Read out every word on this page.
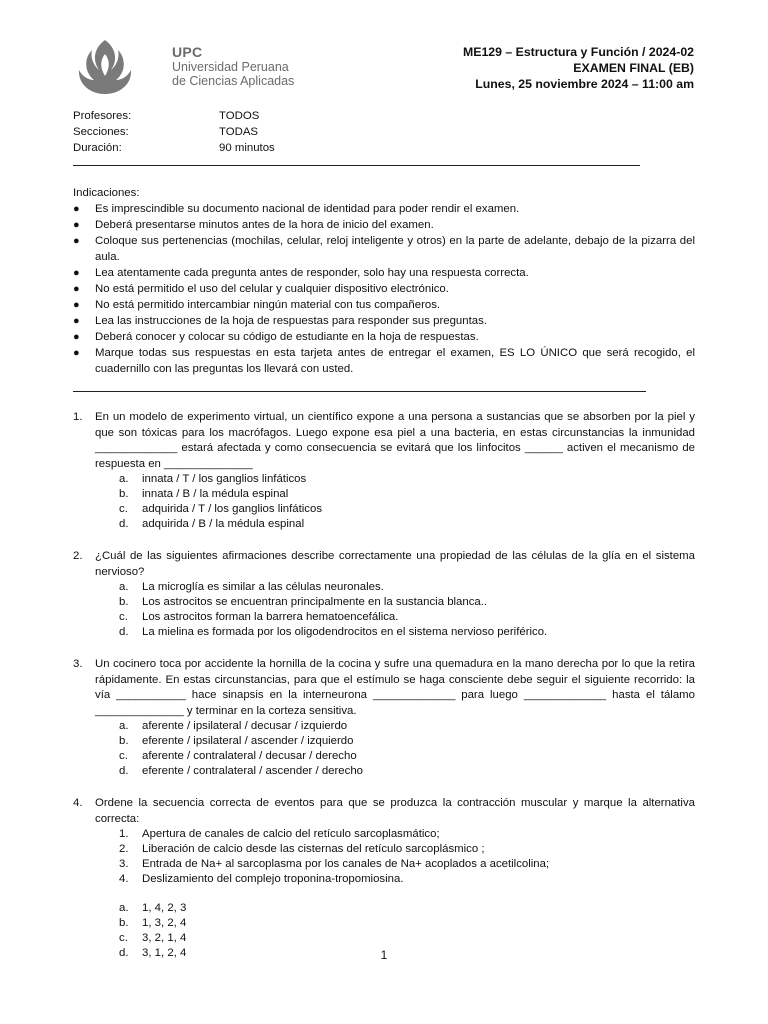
UPC
Universidad Peruana
de Ciencias Aplicadas
ME129 – Estructura y Función / 2024-02
EXAMEN FINAL (EB)
Lunes, 25 noviembre 2024 – 11:00 am
Profesores:	TODOS
Secciones:	TODAS
Duración:	90 minutos
Indicaciones:
● Es imprescindible su documento nacional de identidad para poder rendir el examen.
● Deberá presentarse minutos antes de la hora de inicio del examen.
● Coloque sus pertenencias (mochilas, celular, reloj inteligente y otros) en la parte de adelante, debajo de la pizarra del aula.
● Lea atentamente cada pregunta antes de responder, solo hay una respuesta correcta.
● No está permitido el uso del celular y cualquier dispositivo electrónico.
● No está permitido intercambiar ningún material con tus compañeros.
● Lea las instrucciones de la hoja de respuestas para responder sus preguntas.
● Deberá conocer y colocar su código de estudiante en la hoja de respuestas.
● Marque todas sus respuestas en esta tarjeta antes de entregar el examen, ES LO ÚNICO que será recogido, el cuadernillo con las preguntas los llevará con usted.
1. En un modelo de experimento virtual, un científico expone a una persona a sustancias que se absorben por la piel y que son tóxicas para los macrófagos. Luego expone esa piel a una bacteria, en estas circunstancias la inmunidad _____________ estará afectada y como consecuencia se evitará que los linfocitos ______ activen el mecanismo de respuesta en ______________
a.	innata / T / los ganglios linfáticos
b.	innata / B / la médula espinal
c.	adquirida / T / los ganglios linfáticos
d.	adquirida / B / la médula espinal
2. ¿Cuál de las siguientes afirmaciones describe correctamente una propiedad de las células de la glía en el sistema nervioso?
a.	La microglía es similar a las células neuronales.
b.	Los astrocitos se encuentran principalmente en la sustancia blanca..
c.	Los astrocitos forman la barrera hematoencefálica.
d.	La mielina es formada por los oligodendrocitos en el sistema nervioso periférico.
3. Un cocinero toca por accidente la hornilla de la cocina y sufre una quemadura en la mano derecha por lo que la retira rápidamente. En estas circunstancias, para que el estímulo se haga consciente debe seguir el siguiente recorrido: la vía ___________ hace sinapsis en la interneurona _____________ para luego _____________ hasta el tálamo ______________ y terminar en la corteza sensitiva.
a.	aferente / ipsilateral / decusar / izquierdo
b.	eferente / ipsilateral / ascender / izquierdo
c.	aferente / contralateral / decusar / derecho
d.	eferente / contralateral / ascender / derecho
4. Ordene la secuencia correcta de eventos para que se produzca la contracción muscular y marque la alternativa correcta:
1.	Apertura de canales de calcio del retículo sarcoplasmático;
2.	Liberación de calcio desde las cisternas del retículo sarcoplásmico ;
3.	Entrada de Na+ al sarcoplasma por los canales de Na+ acoplados a acetilcolina;
4.	Deslizamiento del complejo troponina-tropomiosina.
a.	1, 4, 2, 3
b.	1, 3, 2, 4
c.	3, 2, 1, 4
d.	3, 1, 2, 4	1
